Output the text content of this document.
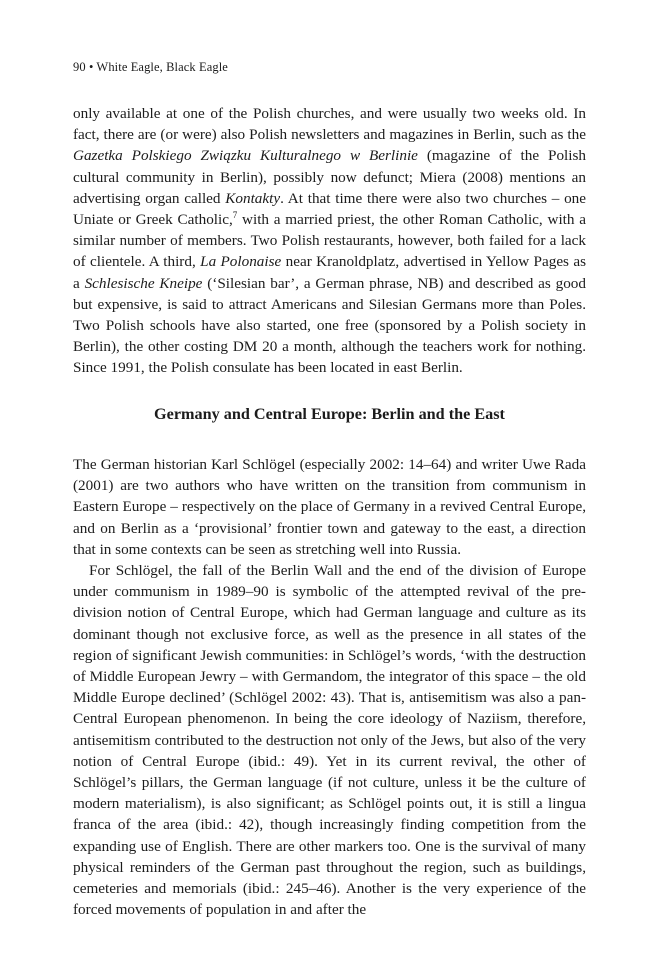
90 • White Eagle, Black Eagle

only available at one of the Polish churches, and were usually two weeks old. In fact, there are (or were) also Polish newsletters and magazines in Berlin, such as the Gazetka Polskiego Związku Kulturalnego w Berlinie (magazine of the Polish cultural community in Berlin), possibly now defunct; Miera (2008) mentions an advertising organ called Kontakty. At that time there were also two churches – one Uniate or Greek Catholic,$^7$ with a married priest, the other Roman Catholic, with a similar number of members. Two Polish restaurants, however, both failed for a lack of clientele. A third, La Polonaise near Kranoldplatz, advertised in Yellow Pages as a Schlesische Kneipe (‘Silesian bar’, a German phrase, NB) and described as good but expensive, is said to attract Americans and Silesian Germans more than Poles. Two Polish schools have also started, one free (sponsored by a Polish society in Berlin), the other costing DM 20 a month, although the teachers work for nothing. Since 1991, the Polish consulate has been located in east Berlin.

Germany and Central Europe: Berlin and the East

The German historian Karl Schlögel (especially 2002: 14–64) and writer Uwe Rada (2001) are two authors who have written on the transition from communism in Eastern Europe – respectively on the place of Germany in a revived Central Europe, and on Berlin as a ‘provisional’ frontier town and gateway to the east, a direction that in some contexts can be seen as stretching well into Russia.

For Schlögel, the fall of the Berlin Wall and the end of the division of Europe under communism in 1989–90 is symbolic of the attempted revival of the pre-division notion of Central Europe, which had German language and culture as its dominant though not exclusive force, as well as the presence in all states of the region of significant Jewish communities: in Schlögel’s words, ‘with the destruction of Middle European Jewry – with Germandom, the integrator of this space – the old Middle Europe declined’ (Schlögel 2002: 43). That is, antisemitism was also a pan-Central European phenomenon. In being the core ideology of Naziism, therefore, antisemitism contributed to the destruction not only of the Jews, but also of the very notion of Central Europe (ibid.: 49). Yet in its current revival, the other of Schlögel’s pillars, the German language (if not culture, unless it be the culture of modern materialism), is also significant; as Schlögel points out, it is still a lingua franca of the area (ibid.: 42), though increasingly finding competition from the expanding use of English. There are other markers too. One is the survival of many physical reminders of the German past throughout the region, such as buildings, cemeteries and memorials (ibid.: 245–46). Another is the very experience of the forced movements of population in and after the
